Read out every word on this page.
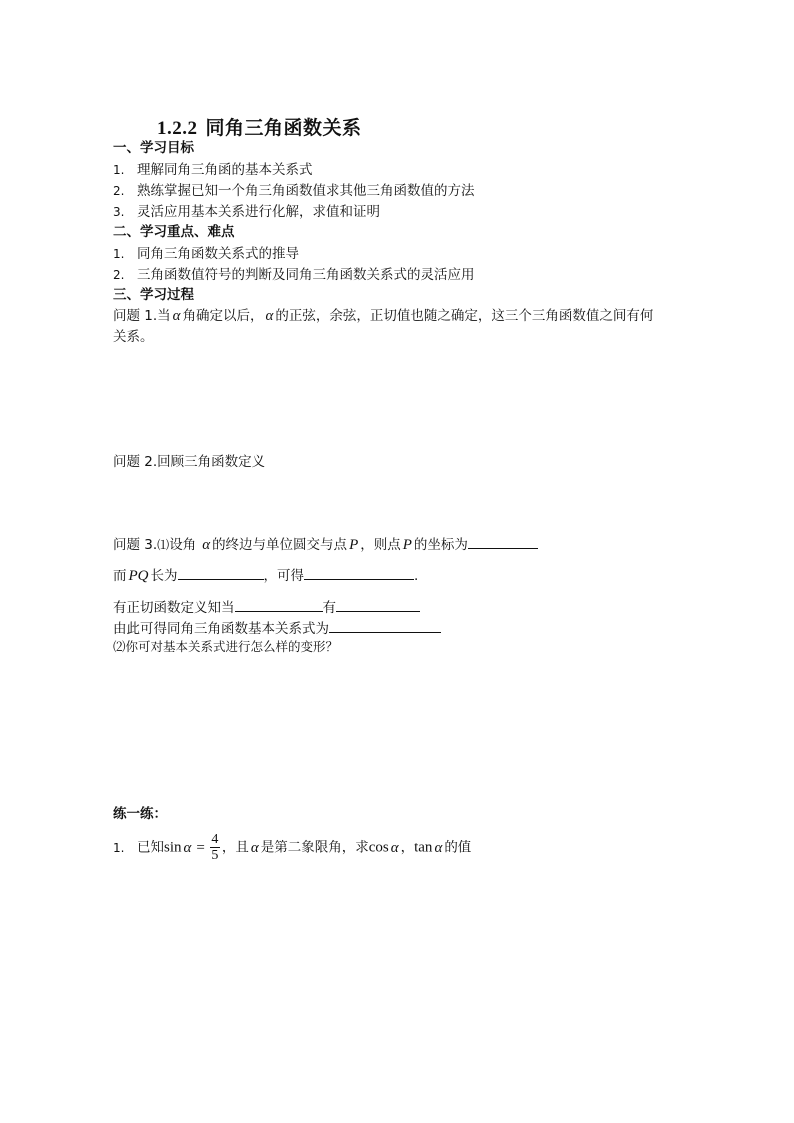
1.2.2 同角三角函数关系
一、学习目标
1. 理解同角三角函的基本关系式
2. 熟练掌握已知一个角三角函数值求其他三角函数值的方法
3. 灵活应用基本关系进行化解，求值和证明
二、学习重点、难点
1. 同角三角函数关系式的推导
2. 三角函数值符号的判断及同角三角函数关系式的灵活应用
三、学习过程
问题 1.当 α 角确定以后， α 的正弦，余弦，正切值也随之确定，这三个三角函数值之间有何
关系。
问题 2.回顾三角函数定义
问题 3.⑴设角 α 的终边与单位圆交与点 P ，则点 P 的坐标为
而 PQ 长为	，可得	.
有正切函数定义知当	有
由此可得同角三角函数基本关系式为
⑵你可对基本关系式进行怎么样的变形？
练一练：
1. 已知$\sin \alpha = \frac{4}{5}$ ，且 α 是第二象限角，求cos α ，tan α 的值
